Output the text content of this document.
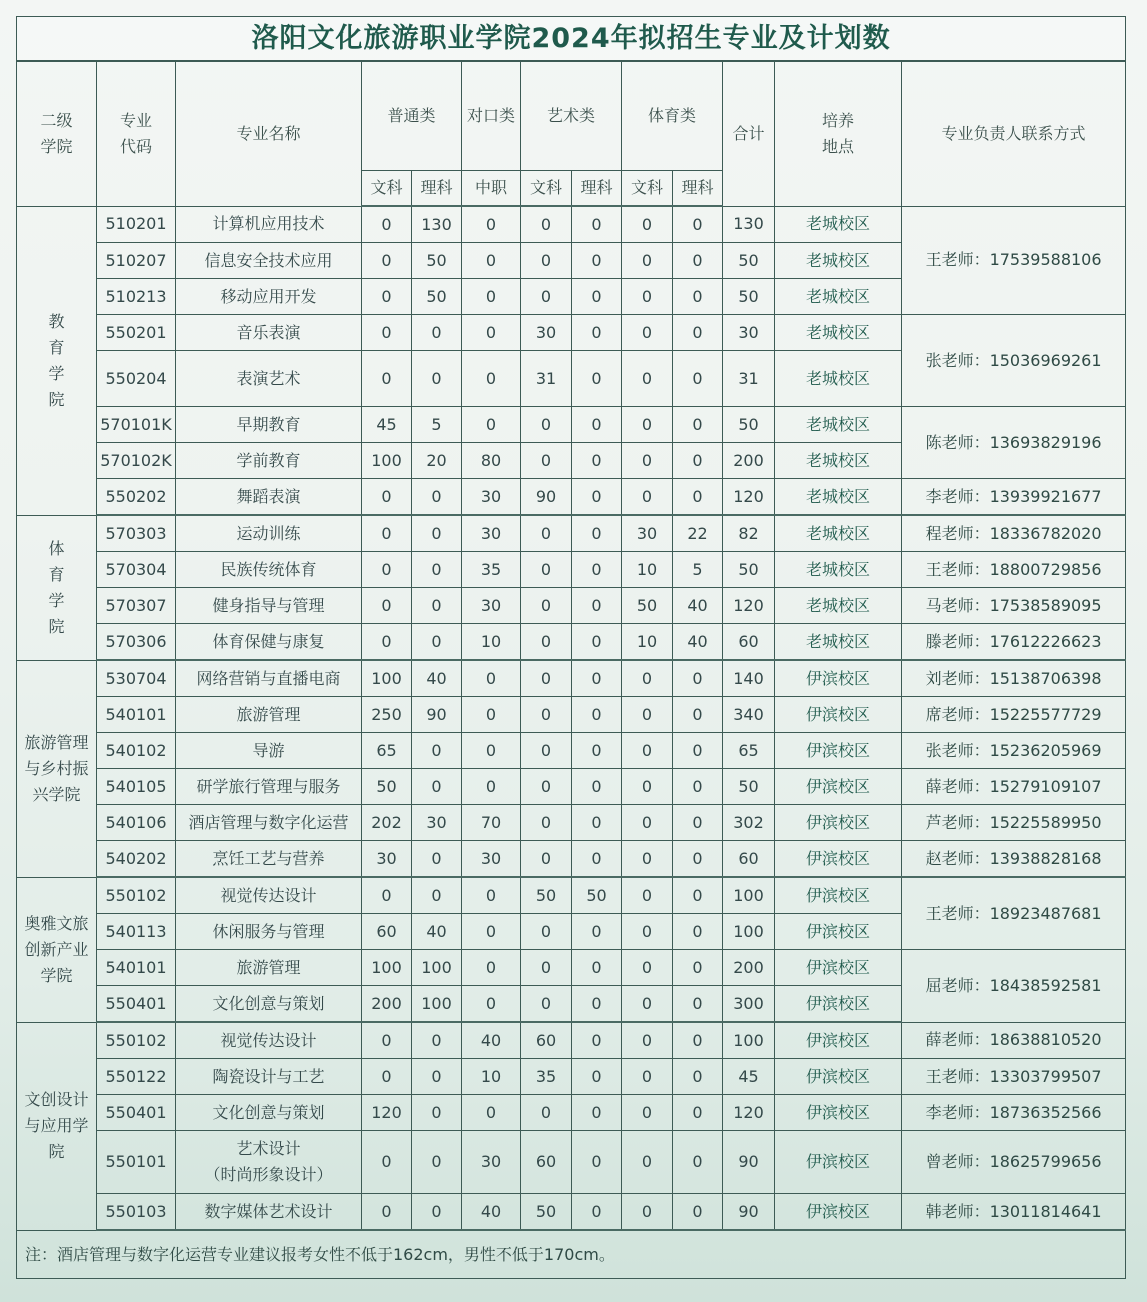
洛阳文化旅游职业学院2024年拟招生专业及计划数												
二级学院	专业代码	专业名称	普通类		对口类	艺术类		体育类		合计	培养地点	专业负责人联系方式
			文科	理科	中职	文科	理科	文科	理科			
教育学院	510201	计算机应用技术	0	130	0	0	0	0	0	130	老城校区	王老师：17539588106
	510207	信息安全技术应用	0	50	0	0	0	0	0	50	老城校区	
	510213	移动应用开发	0	50	0	0	0	0	0	50	老城校区	
	550201	音乐表演	0	0	0	30	0	0	0	30	老城校区	张老师：15036969261
	550204	表演艺术	0	0	0	31	0	0	0	31	老城校区	
	570101K	早期教育	45	5	0	0	0	0	0	50	老城校区	陈老师：13693829196
	570102K	学前教育	100	20	80	0	0	0	0	200	老城校区	
	550202	舞蹈表演	0	0	30	90	0	0	0	120	老城校区	李老师：13939921677
体育学院	570303	运动训练	0	0	30	0	0	30	22	82	老城校区	程老师：18336782020
	570304	民族传统体育	0	0	35	0	0	10	5	50	老城校区	王老师：18800729856
	570307	健身指导与管理	0	0	30	0	0	50	40	120	老城校区	马老师：17538589095
	570306	体育保健与康复	0	0	10	0	0	10	40	60	老城校区	滕老师：17612226623
旅游管理与乡村振兴学院	530704	网络营销与直播电商	100	40	0	0	0	0	0	140	伊滨校区	刘老师：15138706398
	540101	旅游管理	250	90	0	0	0	0	0	340	伊滨校区	席老师：15225577729
	540102	导游	65	0	0	0	0	0	0	65	伊滨校区	张老师：15236205969
	540105	研学旅行管理与服务	50	0	0	0	0	0	0	50	伊滨校区	薛老师：15279109107
	540106	酒店管理与数字化运营	202	30	70	0	0	0	0	302	伊滨校区	芦老师：15225589950
	540202	烹饪工艺与营养	30	0	30	0	0	0	0	60	伊滨校区	赵老师：13938828168
奥雅文旅创新产业学院	550102	视觉传达设计	0	0	0	50	50	0	0	100	伊滨校区	王老师：18923487681
	540113	休闲服务与管理	60	40	0	0	0	0	0	100	伊滨校区	
	540101	旅游管理	100	100	0	0	0	0	0	200	伊滨校区	屈老师：18438592581
	550401	文化创意与策划	200	100	0	0	0	0	0	300	伊滨校区	
文创设计与应用学院	550102	视觉传达设计	0	0	40	60	0	0	0	100	伊滨校区	薛老师：18638810520
	550122	陶瓷设计与工艺	0	0	10	35	0	0	0	45	伊滨校区	王老师：13303799507
	550401	文化创意与策划	120	0	0	0	0	0	0	120	伊滨校区	李老师：18736352566
	550101	艺术设计
（时尚形象设计）	0	0	30	60	0	0	0	90	伊滨校区	曾老师：18625799656
	550103	数字媒体艺术设计	0	0	40	50	0	0	0	90	伊滨校区	韩老师：13011814641
注：酒店管理与数字化运营专业建议报考女性不低于162cm，男性不低于170cm。												
